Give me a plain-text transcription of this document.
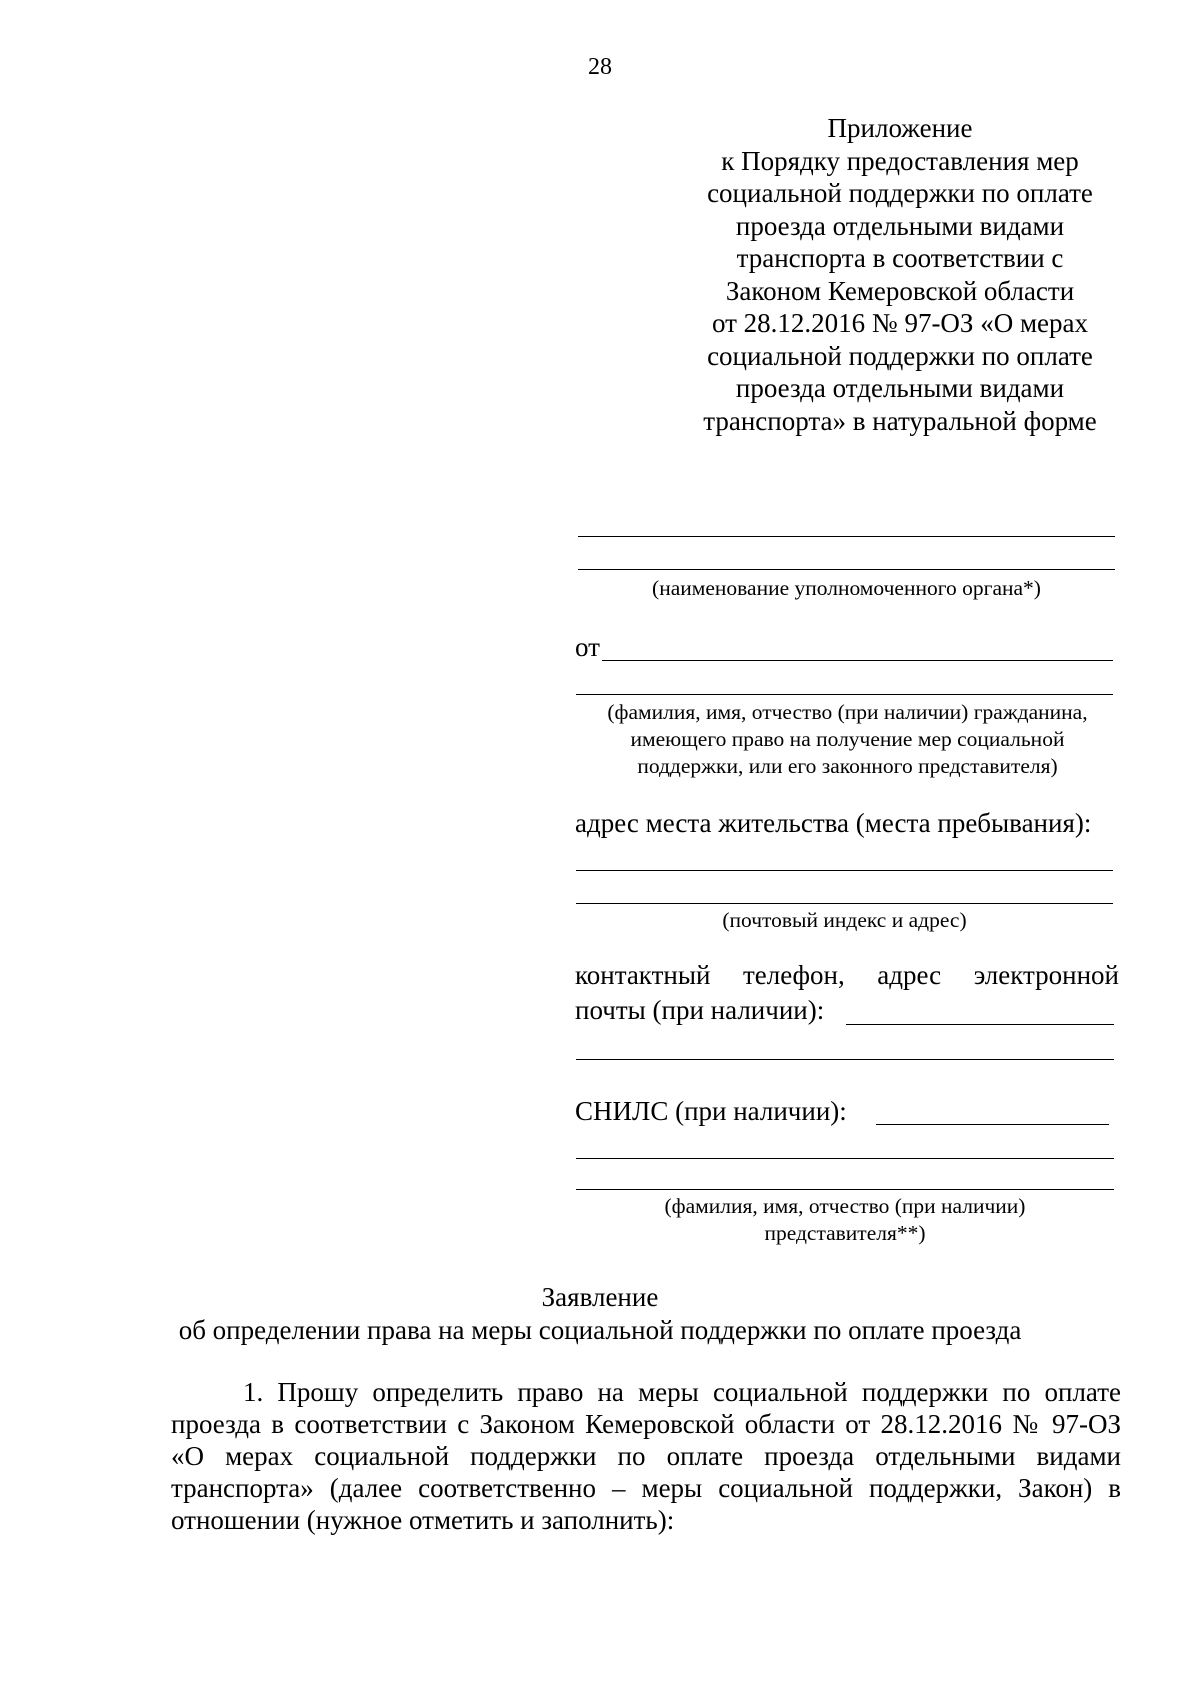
28
Приложение
к Порядку предоставления мер
социальной поддержки по оплате
проезда отдельными видами
транспорта в соответствии с
Законом Кемеровской области
от 28.12.2016 № 97-ОЗ «О мерах
социальной поддержки по оплате
проезда отдельными видами
транспорта» в натуральной форме
(наименование уполномоченного органа*)
от
(фамилия, имя, отчество (при наличии) гражданина,
имеющего право на получение мер социальной
поддержки, или его законного представителя)
адрес места жительства (места пребывания):
(почтовый индекс и адрес)
контактный телефон, адрес электронной
почты (при наличии):
СНИЛС (при наличии):
(фамилия, имя, отчество (при наличии)
представителя**)
Заявление
об определении права на меры социальной поддержки по оплате проезда
1. Прошу определить право на меры социальной поддержки по оплате проезда в соответствии с Законом Кемеровской области от 28.12.2016 № 97-ОЗ «О мерах социальной поддержки по оплате проезда отдельными видами транспорта» (далее соответственно – меры социальной поддержки, Закон) в отношении (нужное отметить и заполнить):
